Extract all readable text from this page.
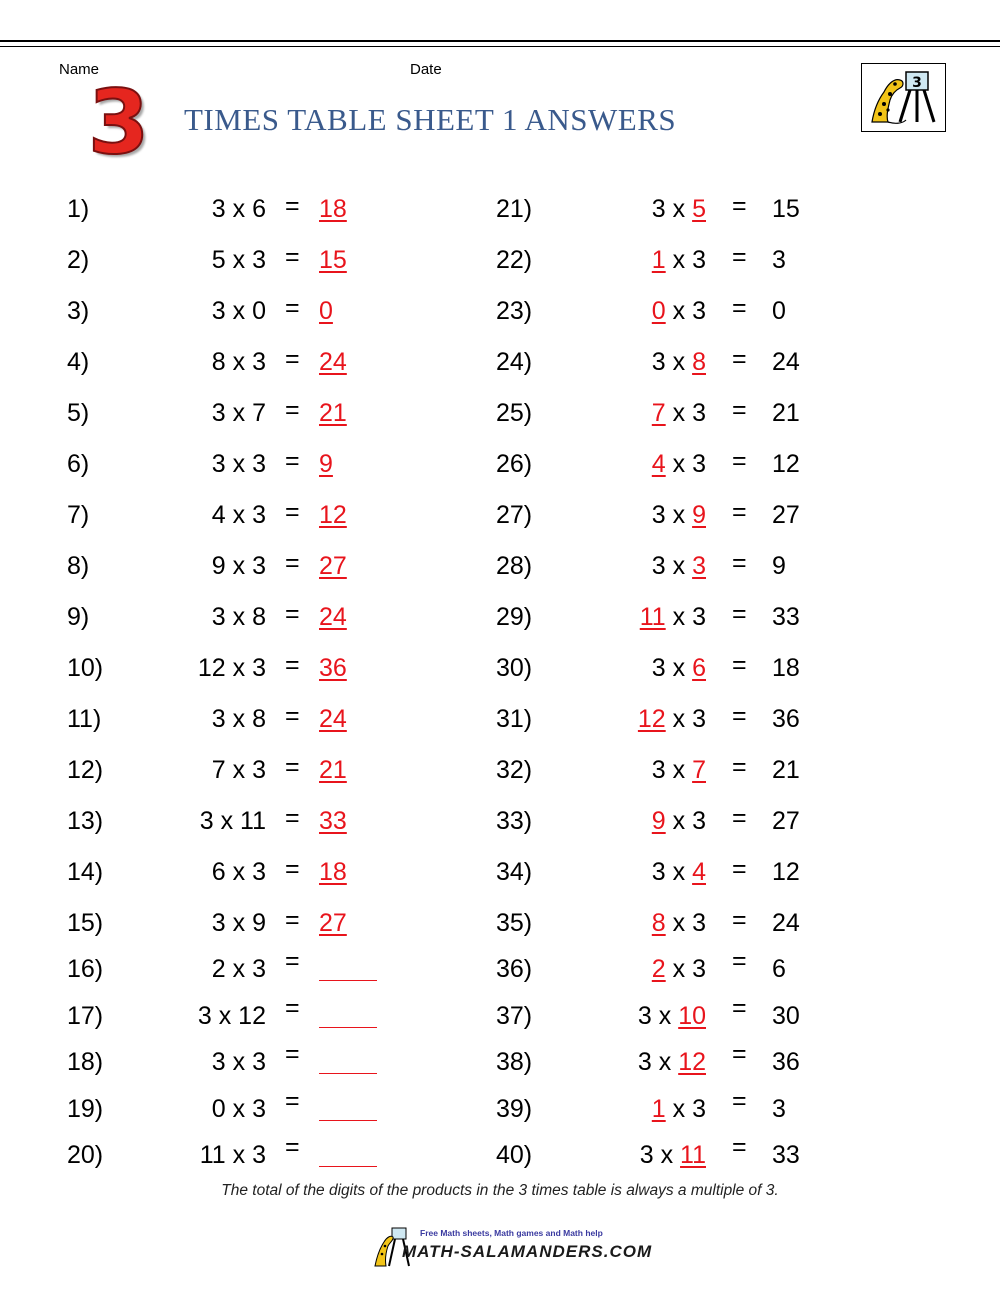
Name	Date
3 TIMES TABLE SHEET 1 ANSWERS
3
1)	3 x 6 = 18
2)	5 x 3 = 15
3)	3 x 0 = 0
4)	8 x 3 = 24
5)	3 x 7 = 21
6)	3 x 3 = 9
7)	4 x 3 = 12
8)	9 x 3 = 27
9)	3 x 8 = 24
10)	12 x 3 = 36
11)	3 x 8 = 24
12)	7 x 3 = 21
13)	3 x 11 = 33
14)	6 x 3 = 18
15)	3 x 9 = 27
16)	2 x 3 =
17)	3 x 12 =
18)	3 x 3 =
19)	0 x 3 =
20)	11 x 3 =
21)	3 x 5 = 15
22)	1 x 3 = 3
23)	0 x 3 = 0
24)	3 x 8 = 24
25)	7 x 3 = 21
26)	4 x 3 = 12
27)	3 x 9 = 27
28)	3 x 3 = 9
29)	11 x 3 = 33
30)	3 x 6 = 18
31)	12 x 3 = 36
32)	3 x 7 = 21
33)	9 x 3 = 27
34)	3 x 4 = 12
35)	8 x 3 = 24
36)	2 x 3 = 6
37)	3 x 10 = 30
38)	3 x 12 = 36
39)	1 x 3 = 3
40)	3 x 11 = 33
The total of the digits of the products in the 3 times table is always a multiple of 3.
Free Math sheets, Math games and Math help
MATH-SALAMANDERS.COM
